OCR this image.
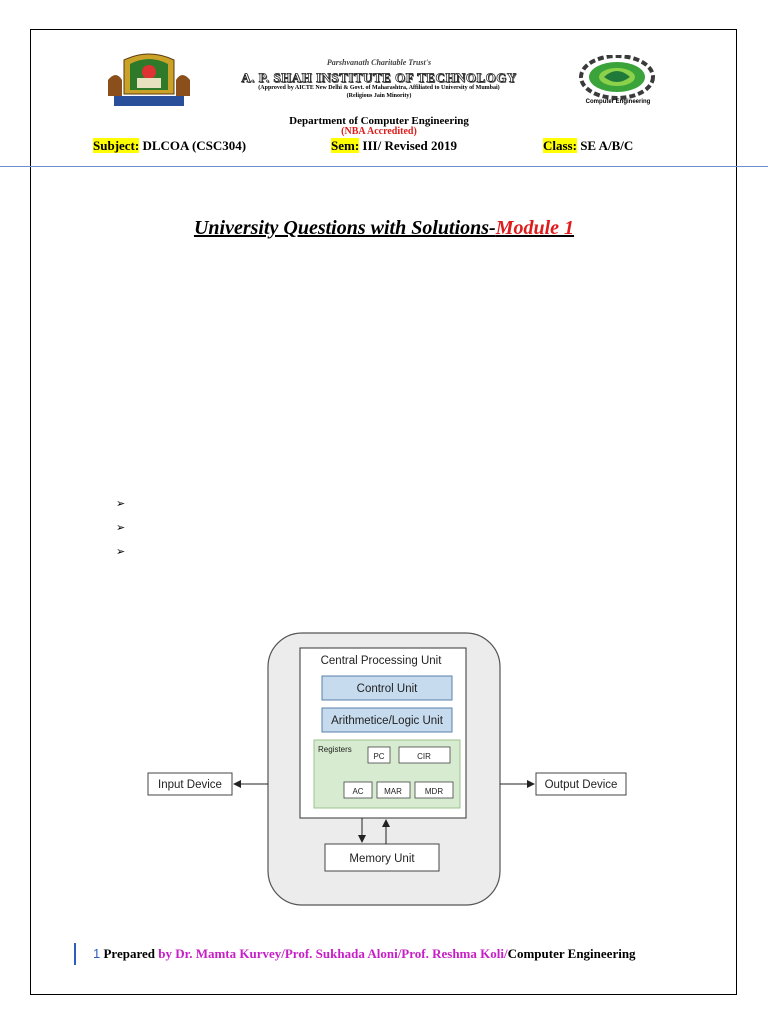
Parshvanath Charitable Trust's
A. P. SHAH INSTITUTE OF TECHNOLOGY
(Approved by AICTE New Delhi & Govt. of Maharashtra, Affiliated to University of Mumbai)
(Religious Jain Minority)
Department of Computer Engineering
(NBA Accredited)
Computer Engineering
Subject: DLCOA (CSC304)	Sem: III/ Revised 2019	Class: SE A/B/C
University Questions with Solutions-Module 1
➢
➢
➢
Central Processing Unit
Control Unit
Arithmetice/Logic Unit
Registers
PC	CIR
AC	MAR	MDR
Input Device	Output Device
Memory Unit
1 Prepared by Dr. Mamta Kurvey/Prof. Sukhada Aloni/Prof. Reshma Koli/Computer Engineering
